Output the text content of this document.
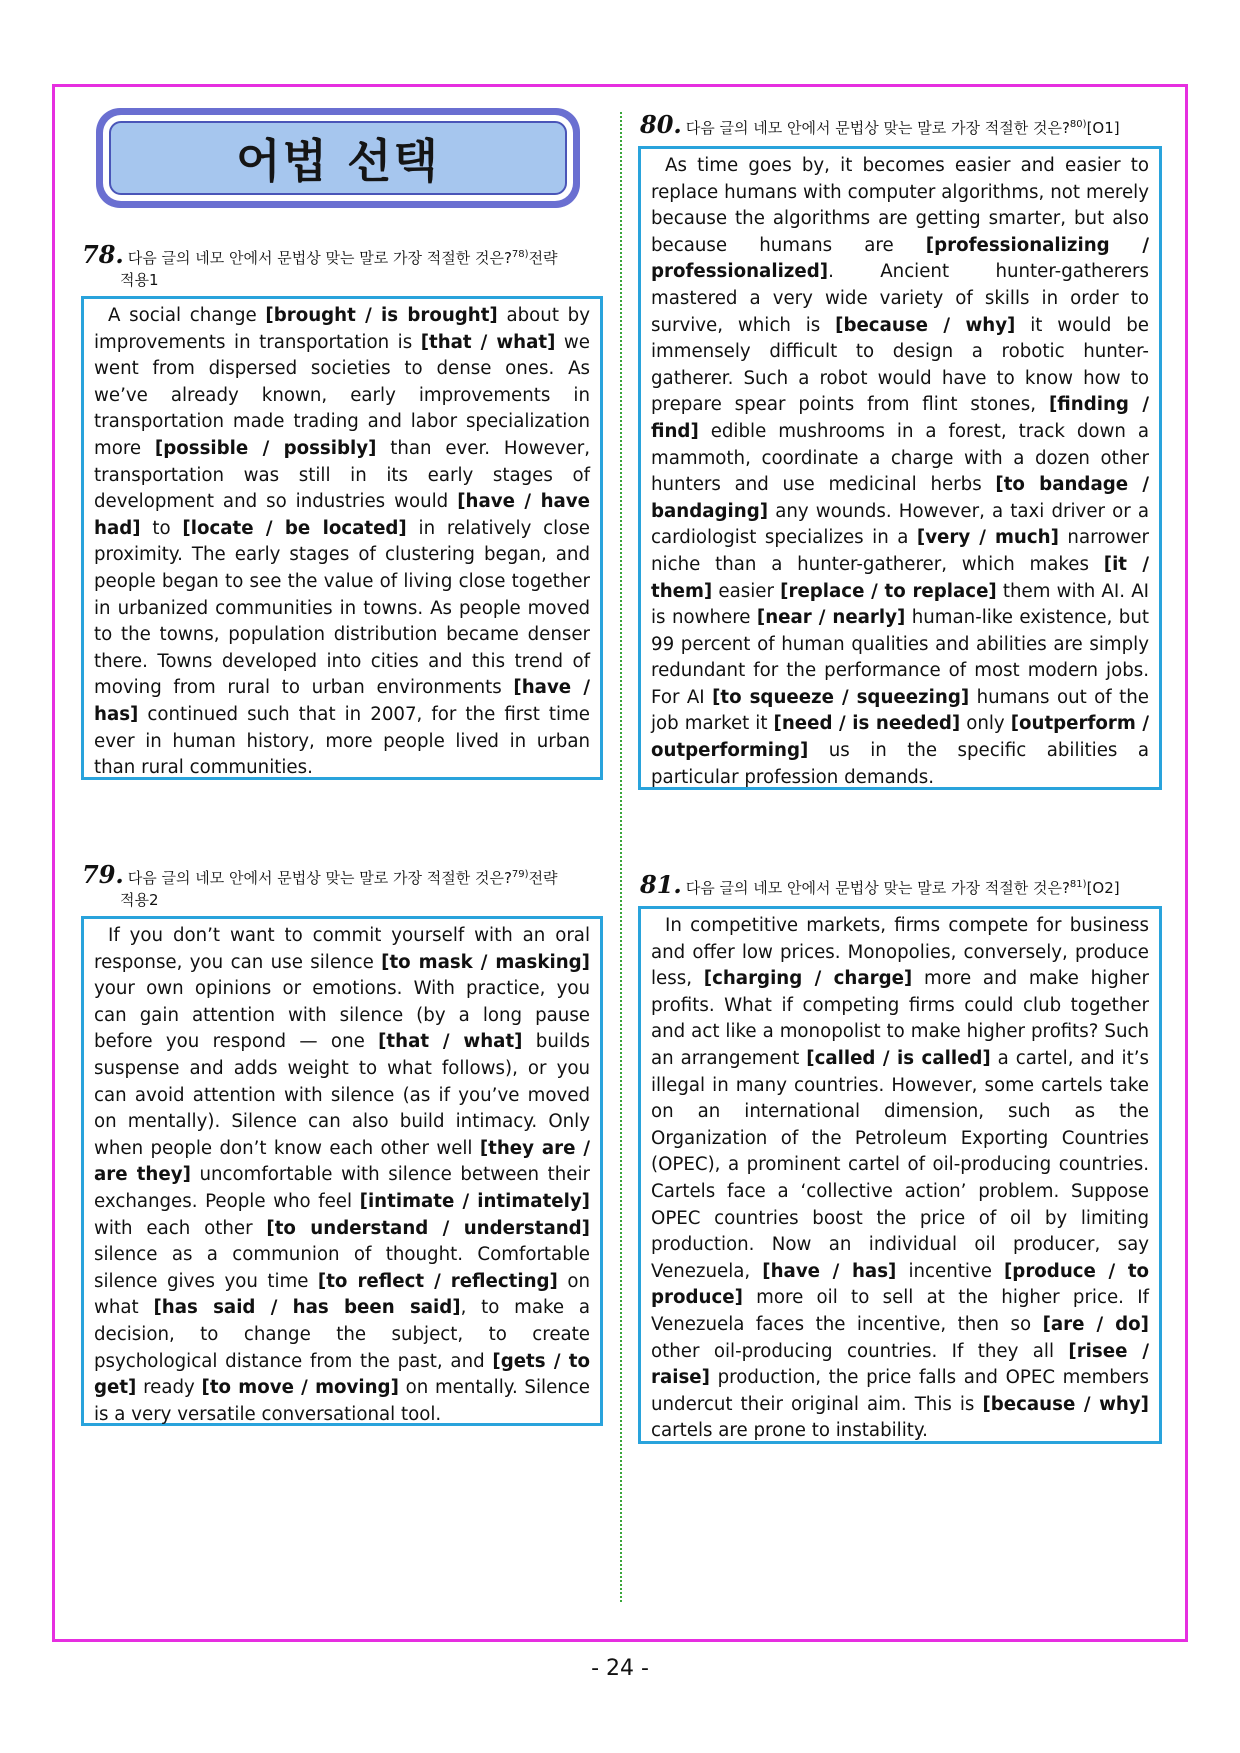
어법 선택
78. 다음 글의 네모 안에서 문법상 맞는 말로 가장 적절한 것은?$^{78)}$전략
적용1

A social change [brought / is brought] about by improvements in transportation is [that / what] we went from dispersed societies to dense ones. As we’ve already known, early improvements in transportation made trading and labor specialization more [possible / possibly] than ever. However, transportation was still in its early stages of development and so industries would [have / have had] to [locate / be located] in relatively close proximity. The early stages of clustering began, and people began to see the value of living close together in urbanized communities in towns. As people moved to the towns, population distribution became denser there. Towns developed into cities and this trend of moving from rural to urban environments [have / has] continued such that in 2007, for the first time ever in human history, more people lived in urban than rural communities.

79. 다음 글의 네모 안에서 문법상 맞는 말로 가장 적절한 것은?$^{79)}$전략
적용2

If you don’t want to commit yourself with an oral response, you can use silence [to mask / masking] your own opinions or emotions. With practice, you can gain attention with silence (by a long pause before you respond — one [that / what] builds suspense and adds weight to what follows), or you can avoid attention with silence (as if you’ve moved on mentally). Silence can also build intimacy. Only when people don’t know each other well [they are / are they] uncomfortable with silence between their exchanges. People who feel [intimate / intimately] with each other [to understand / understand] silence as a communion of thought. Comfortable silence gives you time [to reflect / reflecting] on what [has said / has been said], to make a decision, to change the subject, to create psychological distance from the past, and [gets / to get] ready [to move / moving] on mentally. Silence is a very versatile conversational tool.

80. 다음 글의 네모 안에서 문법상 맞는 말로 가장 적절한 것은?$^{80)}$[O1]

As time goes by, it becomes easier and easier to replace humans with computer algorithms, not merely because the algorithms are getting smarter, but also because humans are [professionalizing / professionalized]. Ancient hunter-gatherers mastered a very wide variety of skills in order to survive, which is [because / why] it would be immensely difficult to design a robotic hunter-gatherer. Such a robot would have to know how to prepare spear points from flint stones, [finding / find] edible mushrooms in a forest, track down a mammoth, coordinate a charge with a dozen other hunters and use medicinal herbs [to bandage / bandaging] any wounds. However, a taxi driver or a cardiologist specializes in a [very / much] narrower niche than a hunter-gatherer, which makes [it / them] easier [replace / to replace] them with AI. AI is nowhere [near / nearly] human-like existence, but 99 percent of human qualities and abilities are simply redundant for the performance of most modern jobs. For AI [to squeeze / squeezing] humans out of the job market it [need / is needed] only [outperform / outperforming] us in the specific abilities a particular profession demands.

81. 다음 글의 네모 안에서 문법상 맞는 말로 가장 적절한 것은?$^{81)}$[O2]

In competitive markets, firms compete for business and offer low prices. Monopolies, conversely, produce less, [charging / charge] more and make higher profits. What if competing firms could club together and act like a monopolist to make higher profits? Such an arrangement [called / is called] a cartel, and it’s illegal in many countries. However, some cartels take on an international dimension, such as the Organization of the Petroleum Exporting Countries (OPEC), a prominent cartel of oil-producing countries. Cartels face a ‘collective action’ problem. Suppose OPEC countries boost the price of oil by limiting production. Now an individual oil producer, say Venezuela, [have / has] incentive [produce / to produce] more oil to sell at the higher price. If Venezuela faces the incentive, then so [are / do] other oil-producing countries. If they all [risee / raise] production, the price falls and OPEC members undercut their original aim. This is [because / why] cartels are prone to instability.

- 24 -
